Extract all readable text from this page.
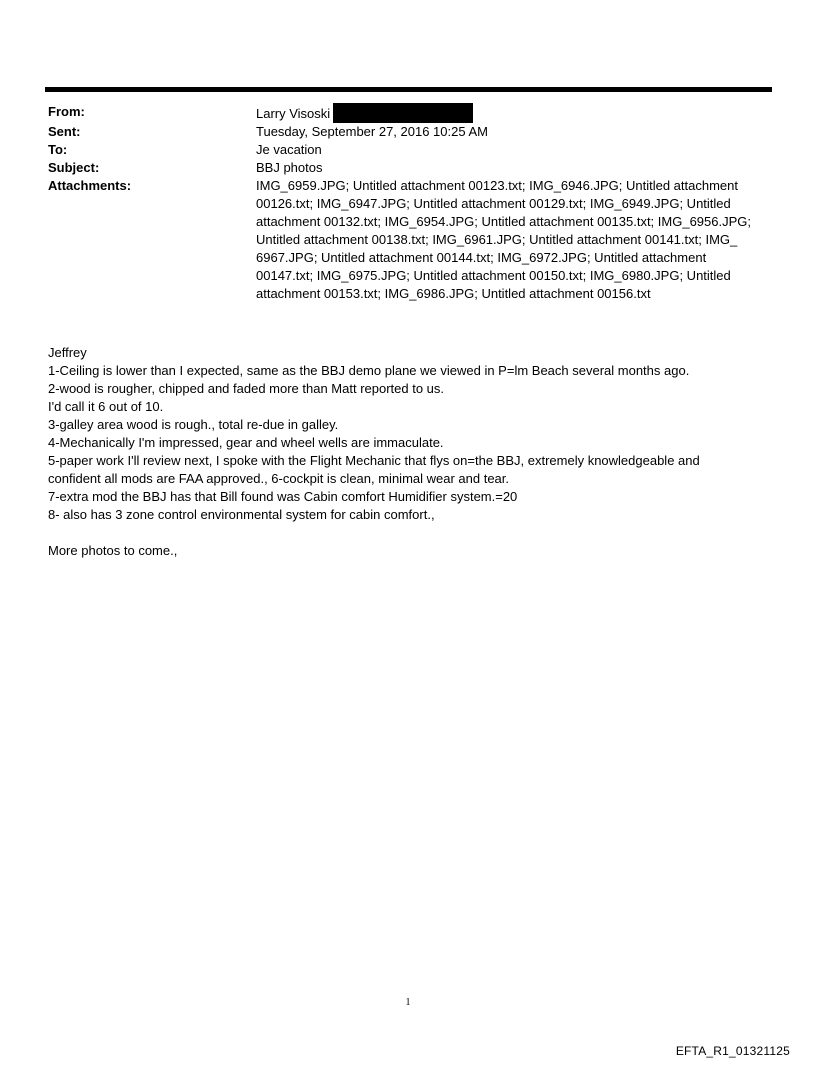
From:	Larry Visoski
Sent:	Tuesday, September 27, 2016 10:25 AM
To:	Je vacation
Subject:	BBJ photos
Attachments:	IMG_6959.JPG; Untitled attachment 00123.txt; IMG_6946.JPG; Untitled attachment
00126.txt; IMG_6947.JPG; Untitled attachment 00129.txt; IMG_6949.JPG; Untitled
attachment 00132.txt; IMG_6954.JPG; Untitled attachment 00135.txt; IMG_6956.JPG;
Untitled attachment 00138.txt; IMG_6961.JPG; Untitled attachment 00141.txt; IMG_
6967.JPG; Untitled attachment 00144.txt; IMG_6972.JPG; Untitled attachment
00147.txt; IMG_6975.JPG; Untitled attachment 00150.txt; IMG_6980.JPG; Untitled
attachment 00153.txt; IMG_6986.JPG; Untitled attachment 00156.txt
Jeffrey
1-Ceiling is lower than I expected, same as the BBJ demo plane we viewed in P=lm Beach several months ago.
2-wood is rougher, chipped and faded more than Matt reported to us.
I'd call it 6 out of 10.
3-galley area wood is rough., total re-due in galley.
4-Mechanically I'm impressed, gear and wheel wells are immaculate.
5-paper work I'll review next, I spoke with the Flight Mechanic that flys on=the BBJ, extremely knowledgeable and
confident all mods are FAA approved., 6-cockpit is clean, minimal wear and tear.
7-extra mod the BBJ has that Bill found was Cabin comfort Humidifier system.=20
8- also has 3 zone control environmental system for cabin comfort.,
More photos to come.,
1
EFTA_R1_01321125
